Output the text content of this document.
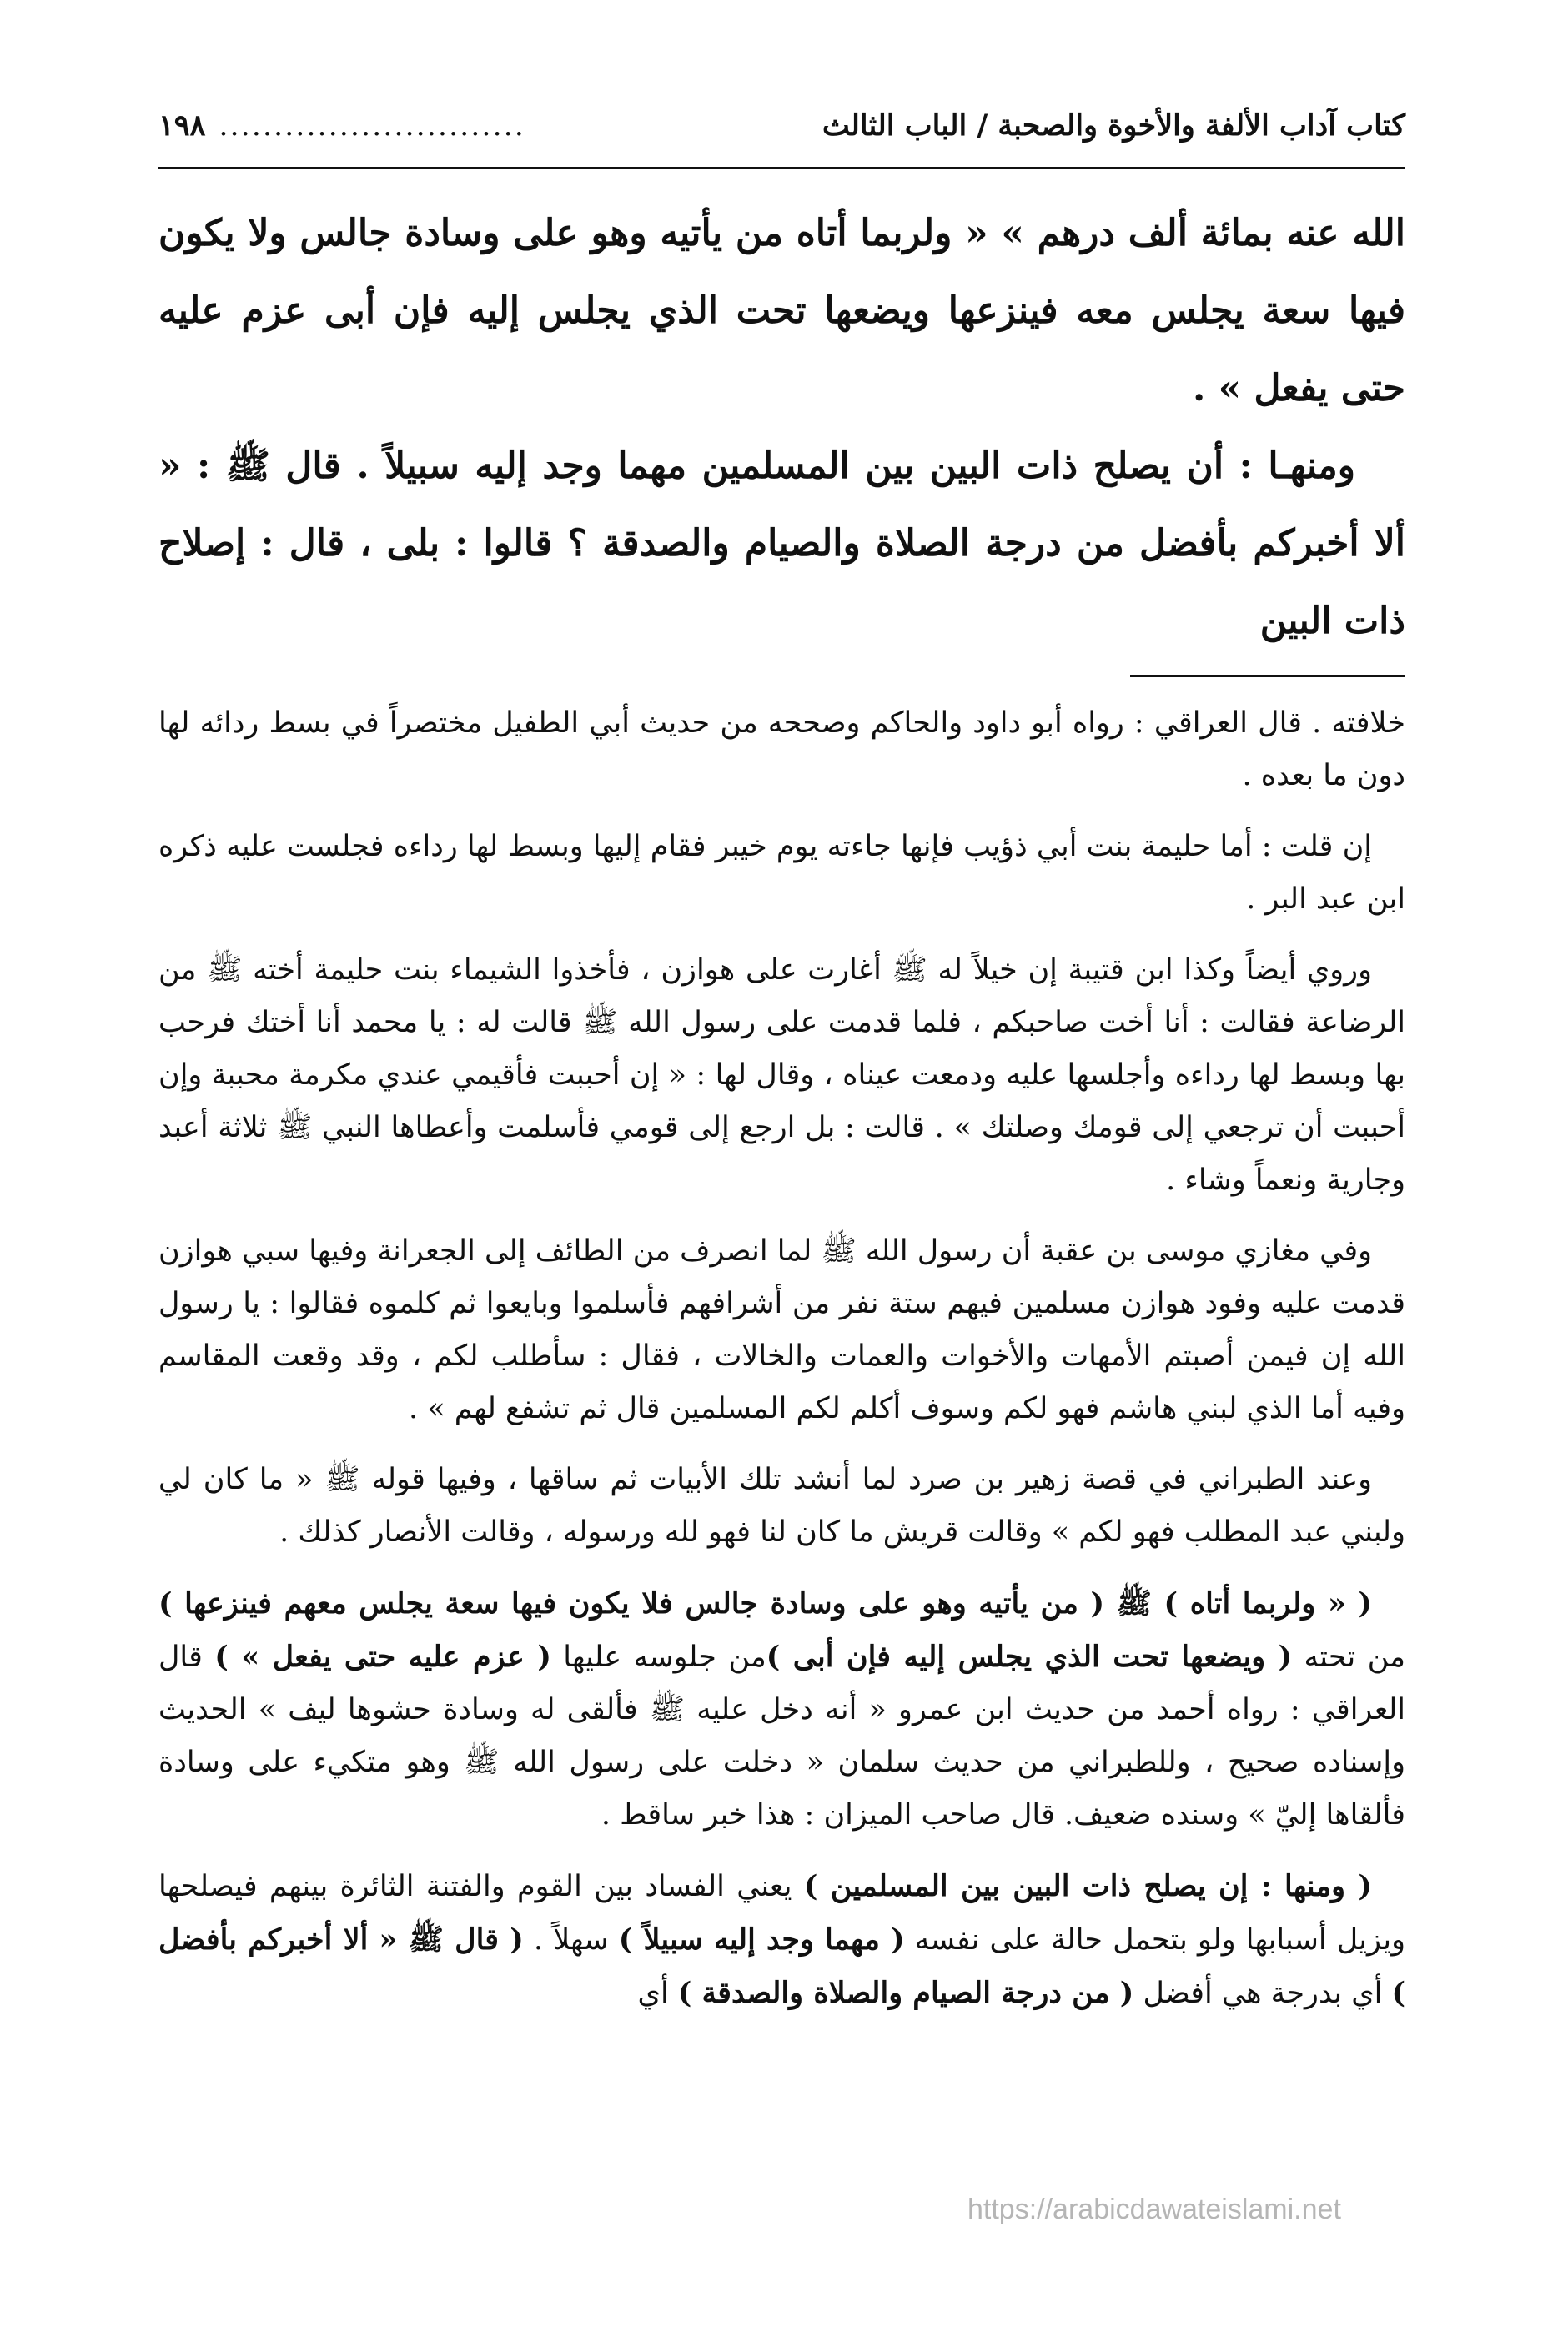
كتاب آداب الألفة والأخوة والصحبة / الباب الثالث
............................
١٩٨

الله عنه بمائة ألف درهم » « ولربما أتاه من يأتيه وهو على وسادة جالس ولا يكون فيها سعة يجلس معه فينزعها ويضعها تحت الذي يجلس إليه فإن أبى عزم عليه حتى يفعل » .

ومنهـا : أن يصلح ذات البين بين المسلمين مهما وجد إليه سبيلاً . قال ﷺ : « ألا أخبركم بأفضل من درجة الصلاة والصيام والصدقة ؟ قالوا : بلى ، قال : إصلاح ذات البين

خلافته . قال العراقي : رواه أبو داود والحاكم وصححه من حديث أبي الطفيل مختصراً في بسط ردائه لها دون ما بعده .

إن قلت : أما حليمة بنت أبي ذؤيب فإنها جاءته يوم خيبر فقام إليها وبسط لها رداءه فجلست عليه ذكره ابن عبد البر .

وروي أيضاً وكذا ابن قتيبة إن خيلاً له ﷺ أغارت على هوازن ، فأخذوا الشيماء بنت حليمة أخته ﷺ من الرضاعة فقالت : أنا أخت صاحبكم ، فلما قدمت على رسول الله ﷺ قالت له : يا محمد أنا أختك فرحب بها وبسط لها رداءه وأجلسها عليه ودمعت عيناه ، وقال لها : « إن أحببت فأقيمي عندي مكرمة محببة وإن أحببت أن ترجعي إلى قومك وصلتك » . قالت : بل ارجع إلى قومي فأسلمت وأعطاها النبي ﷺ ثلاثة أعبد وجارية ونعماً وشاء .

وفي مغازي موسى بن عقبة أن رسول الله ﷺ لما انصرف من الطائف إلى الجعرانة وفيها سبي هوازن قدمت عليه وفود هوازن مسلمين فيهم ستة نفر من أشرافهم فأسلموا وبايعوا ثم كلموه فقالوا : يا رسول الله إن فيمن أصبتم الأمهات والأخوات والعمات والخالات ، فقال : سأطلب لكم ، وقد وقعت المقاسم وفيه أما الذي لبني هاشم فهو لكم وسوف أكلم لكم المسلمين قال ثم تشفع لهم » .

وعند الطبراني في قصة زهير بن صرد لما أنشد تلك الأبيات ثم ساقها ، وفيها قوله ﷺ « ما كان لي ولبني عبد المطلب فهو لكم » وقالت قريش ما كان لنا فهو لله ورسوله ، وقالت الأنصار كذلك .

( « ولربما أتاه ) ﷺ ( من يأتيه وهو على وسادة جالس فلا يكون فيها سعة يجلس معهم فينزعها ) من تحته ( ويضعها تحت الذي يجلس إليه فإن أبى )من جلوسه عليها ( عزم عليه حتى يفعل » ) قال العراقي : رواه أحمد من حديث ابن عمرو « أنه دخل عليه ﷺ فألقى له وسادة حشوها ليف » الحديث وإسناده صحيح ، وللطبراني من حديث سلمان « دخلت على رسول الله ﷺ وهو متكيء على وسادة فألقاها إليّ » وسنده ضعيف. قال صاحب الميزان : هذا خبر ساقط .

( ومنها : إن يصلح ذات البين بين المسلمين ) يعني الفساد بين القوم والفتنة الثائرة بينهم فيصلحها ويزيل أسبابها ولو بتحمل حالة على نفسه ( مهما وجد إليه سبيلاً ) سهلاً . ( قال ﷺ « ألا أخبركم بأفضل ) أي بدرجة هي أفضل ( من درجة الصيام والصلاة والصدقة ) أي

https://arabicdawateislami.net
